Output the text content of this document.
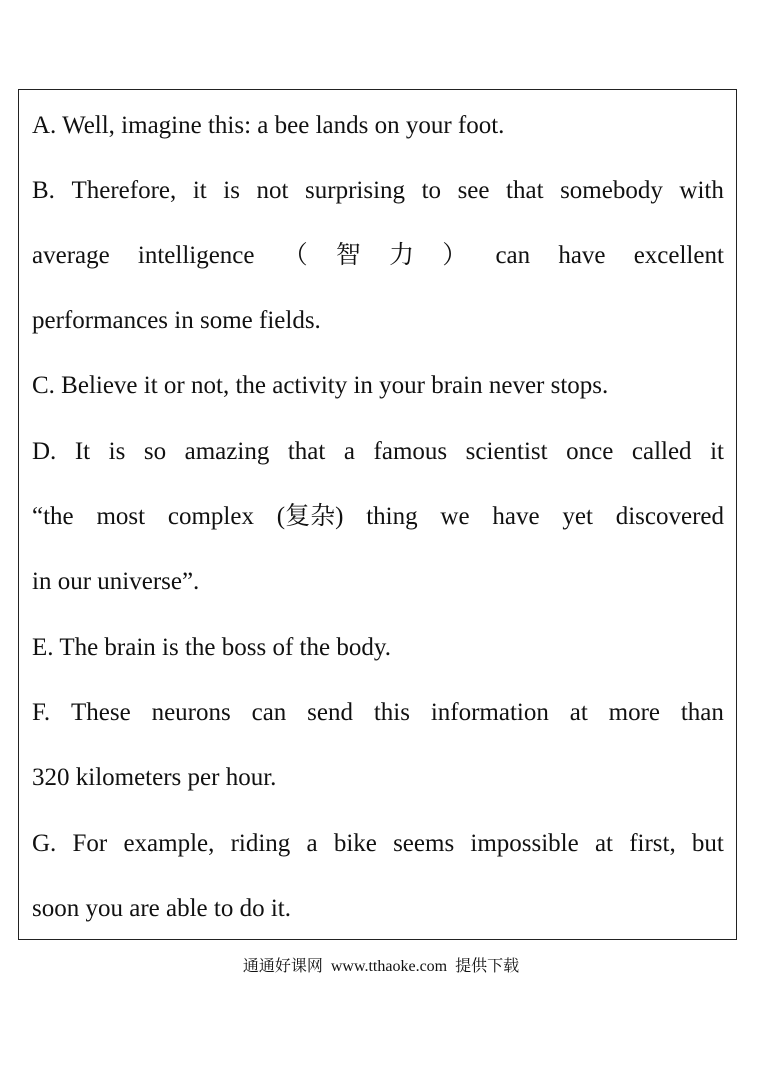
A. Well, imagine this: a bee lands on your foot.
B. Therefore, it is not surprising to see that somebody with
average intelligence （ 智 力 ） can have excellent
performances in some fields.
C. Believe it or not, the activity in your brain never stops.
D. It is so amazing that a famous scientist once called it
“the most complex (复杂) thing we have yet discovered
in our universe”.
E. The brain is the boss of the body.
F. These neurons can send this information at more than
320 kilometers per hour.
G. For example, riding a bike seems impossible at first, but
soon you are able to do it.
通通好课网 www.tthaoke.com 提供下载
